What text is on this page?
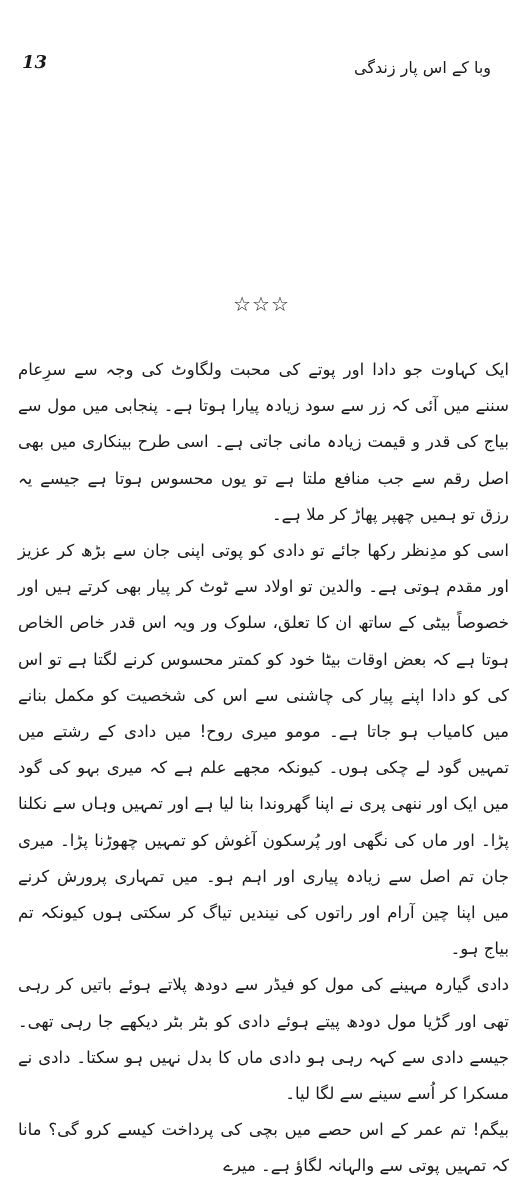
13	وبا کے اس پار زندگی
☆☆☆

ایک کہاوت جو دادا اور پوتے کی محبت ولگاوٹ کی وجہ سے سرِعام سننے میں آئی کہ زر سے سود زیادہ پیارا ہوتا ہے۔ پنجابی میں مول سے بیاج کی قدر و قیمت زیادہ مانی جاتی ہے۔ اسی طرح بینکاری میں بھی اصل رقم سے جب منافع ملتا ہے تو یوں محسوس ہوتا ہے جیسے یہ رزق تو ہمیں چھپر پھاڑ کر ملا ہے۔

اسی کو مدِنظر رکھا جائے تو دادی کو پوتی اپنی جان سے بڑھ کر عزیز اور مقدم ہوتی ہے۔ والدین تو اولاد سے ٹوٹ کر پیار بھی کرتے ہیں اور خصوصاً بیٹی کے ساتھ ان کا تعلق، سلوک ور ویہ اس قدر خاص الخاص ہوتا ہے کہ بعض اوقات بیٹا خود کو کمتر محسوس کرنے لگتا ہے تو اس کی کو دادا اپنے پیار کی چاشنی سے اس کی شخصیت کو مکمل بنانے میں کامیاب ہو جاتا ہے۔ مومو میری روح! میں دادی کے رشتے میں تمہیں گود لے چکی ہوں۔ کیونکہ مجھے علم ہے کہ میری بہو کی گود میں ایک اور ننھی پری نے اپنا گھروندا بنا لیا ہے اور تمہیں وہاں سے نکلنا پڑا۔ اور ماں کی نگھی اور پُرسکون آغوش کو تمہیں چھوڑنا پڑا۔ میری جان تم اصل سے زیادہ پیاری اور اہم ہو۔ میں تمہاری پرورش کرنے میں اپنا چین آرام اور راتوں کی نیندیں تیاگ کر سکتی ہوں کیونکہ تم بیاج ہو۔

دادی گیارہ مہینے کی مول کو فیڈر سے دودھ پلاتے ہوئے باتیں کر رہی تھی اور گڑیا مول دودھ پیتے ہوئے دادی کو بٹر بٹر دیکھے جا رہی تھی۔ جیسے دادی سے کہہ رہی ہو دادی ماں کا بدل نہیں ہو سکتا۔ دادی نے مسکرا کر اُسے سینے سے لگا لیا۔

بیگم! تم عمر کے اس حصے میں بچی کی پرداخت کیسے کرو گی؟ مانا کہ تمہیں پوتی سے والہانہ لگاؤ ہے۔ میرے
